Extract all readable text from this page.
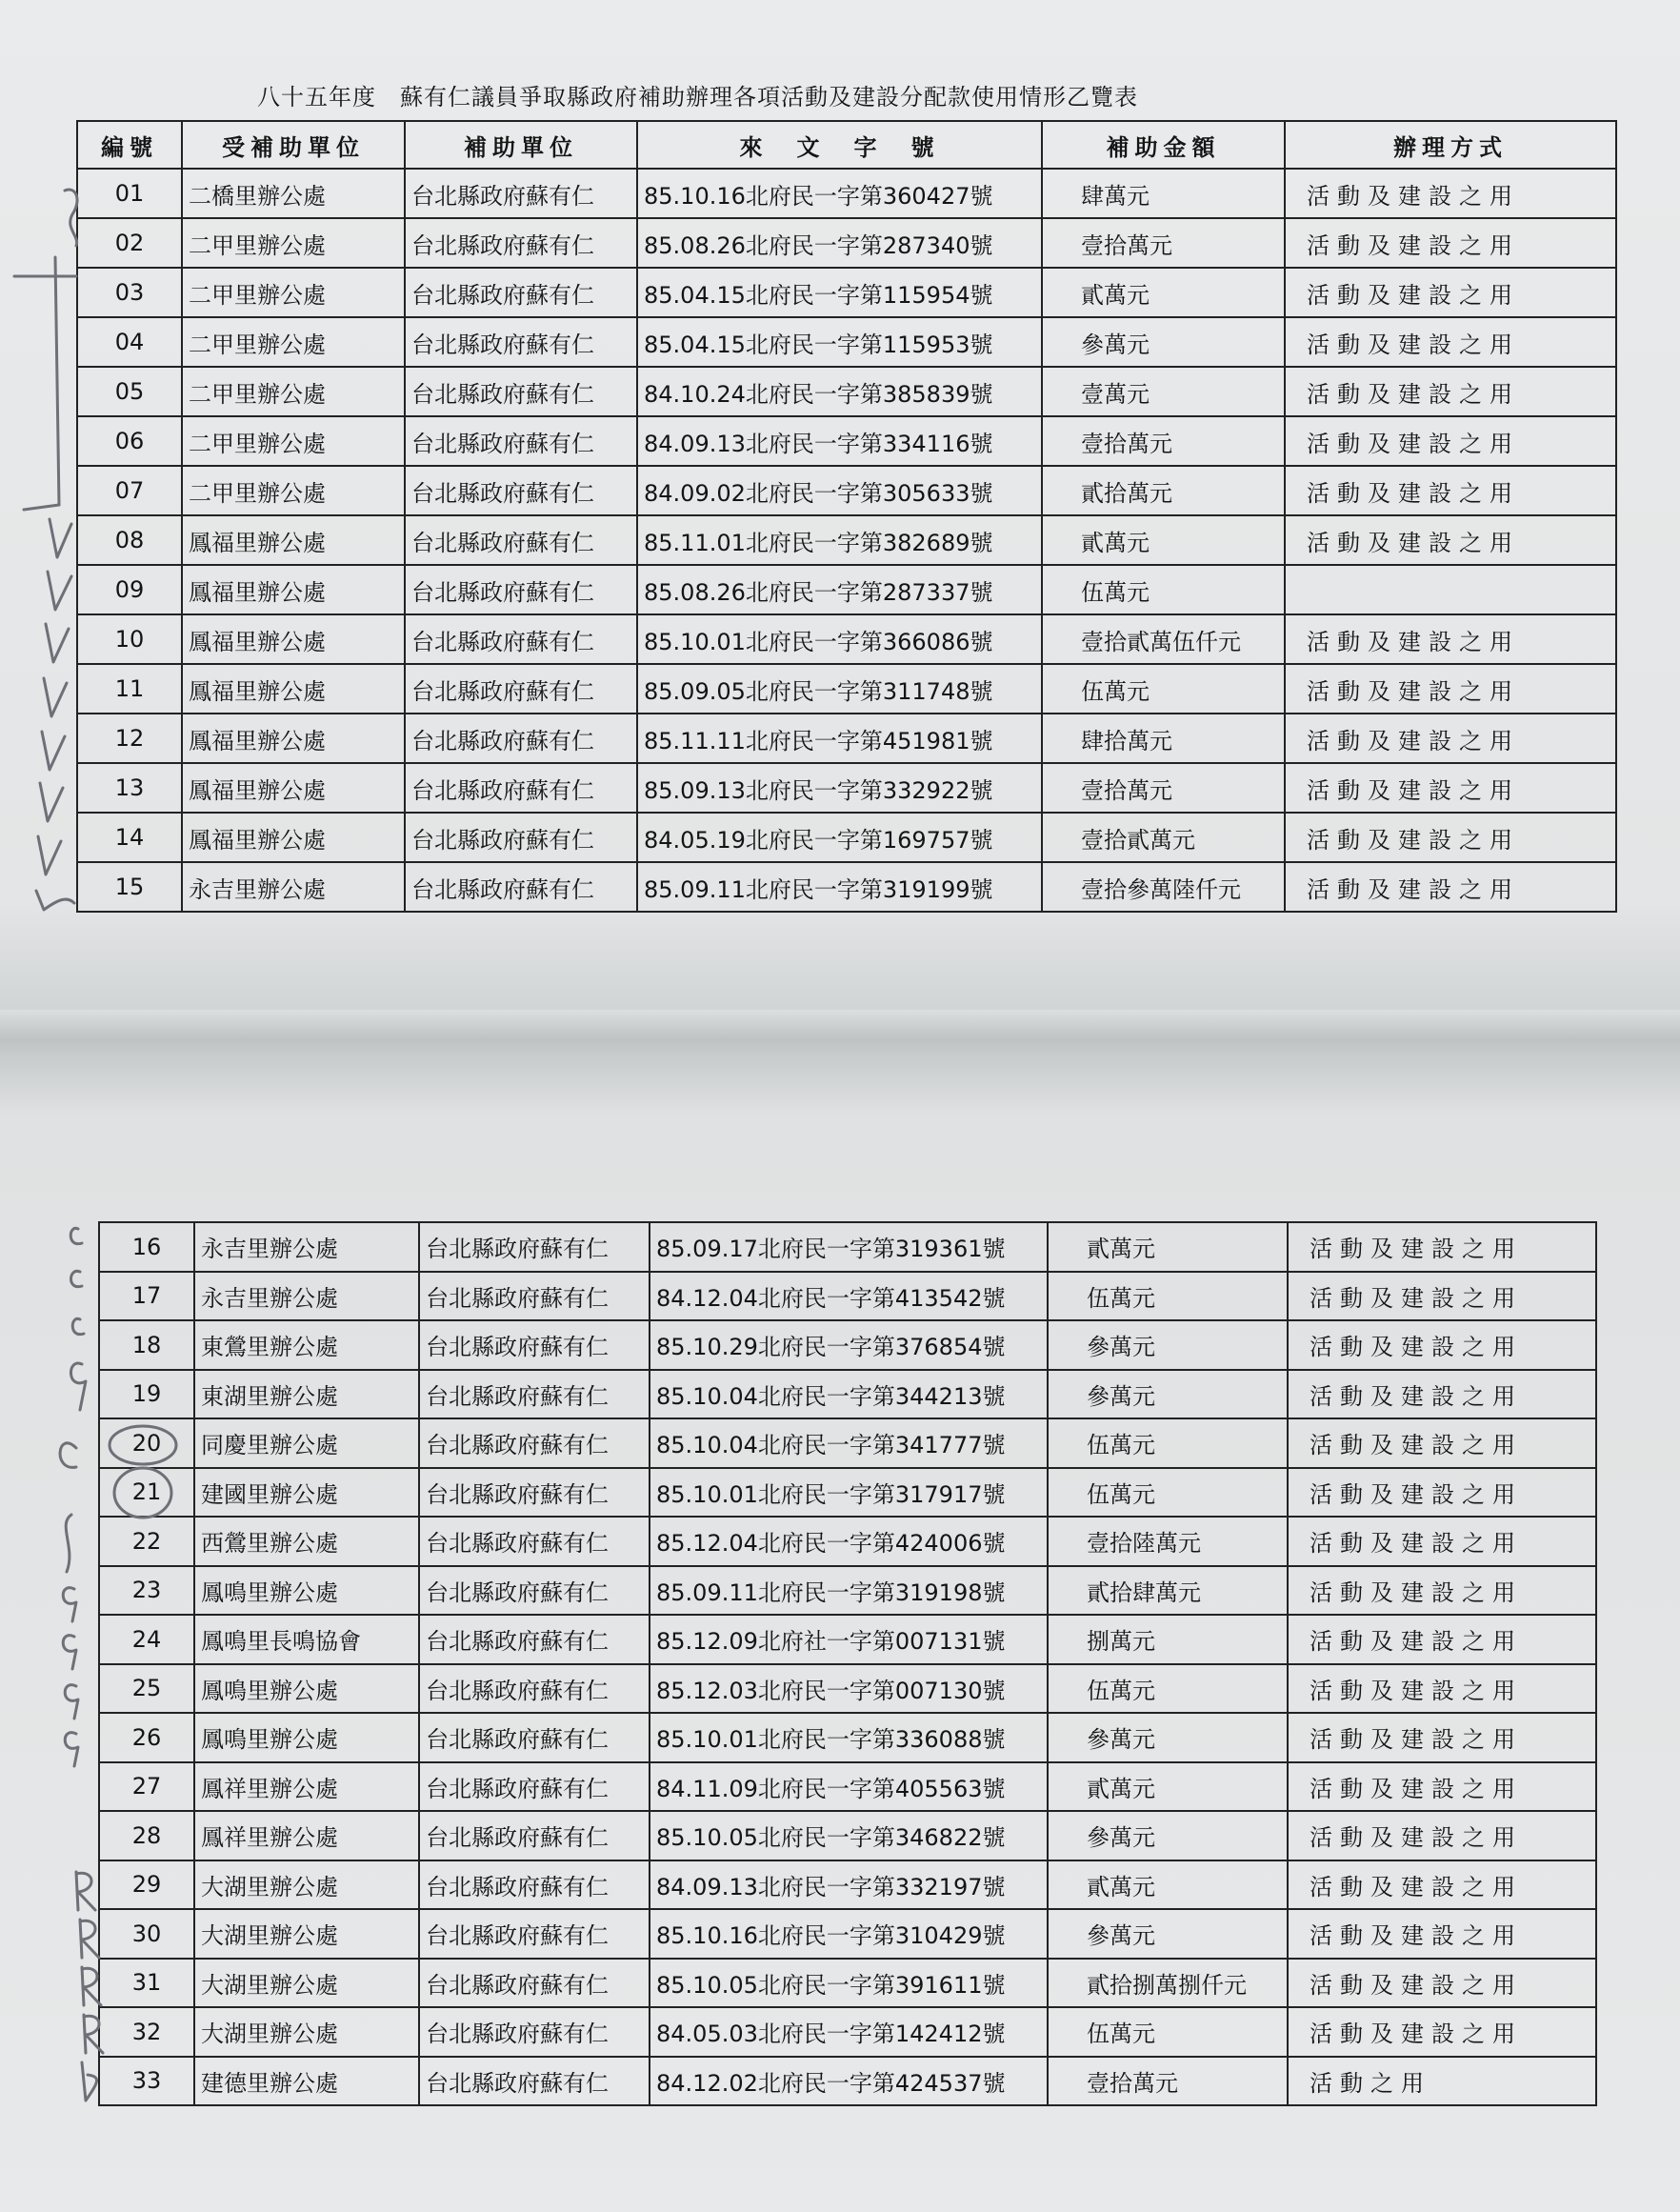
八十五年度　蘇有仁議員爭取縣政府補助辦理各項活動及建設分配款使用情形乙覽表
編號	受補助單位	補助單位	來　文　字　號	補助金額	辦理方式
01	二橋里辦公處	台北縣政府蘇有仁	85.10.16北府民一字第360427號	肆萬元	活動及建設之用
02	二甲里辦公處	台北縣政府蘇有仁	85.08.26北府民一字第287340號	壹拾萬元	活動及建設之用
03	二甲里辦公處	台北縣政府蘇有仁	85.04.15北府民一字第115954號	貳萬元	活動及建設之用
04	二甲里辦公處	台北縣政府蘇有仁	85.04.15北府民一字第115953號	參萬元	活動及建設之用
05	二甲里辦公處	台北縣政府蘇有仁	84.10.24北府民一字第385839號	壹萬元	活動及建設之用
06	二甲里辦公處	台北縣政府蘇有仁	84.09.13北府民一字第334116號	壹拾萬元	活動及建設之用
07	二甲里辦公處	台北縣政府蘇有仁	84.09.02北府民一字第305633號	貳拾萬元	活動及建設之用
08	鳳福里辦公處	台北縣政府蘇有仁	85.11.01北府民一字第382689號	貳萬元	活動及建設之用
09	鳳福里辦公處	台北縣政府蘇有仁	85.08.26北府民一字第287337號	伍萬元	
10	鳳福里辦公處	台北縣政府蘇有仁	85.10.01北府民一字第366086號	壹拾貳萬伍仟元	活動及建設之用
11	鳳福里辦公處	台北縣政府蘇有仁	85.09.05北府民一字第311748號	伍萬元	活動及建設之用
12	鳳福里辦公處	台北縣政府蘇有仁	85.11.11北府民一字第451981號	肆拾萬元	活動及建設之用
13	鳳福里辦公處	台北縣政府蘇有仁	85.09.13北府民一字第332922號	壹拾萬元	活動及建設之用
14	鳳福里辦公處	台北縣政府蘇有仁	84.05.19北府民一字第169757號	壹拾貳萬元	活動及建設之用
15	永吉里辦公處	台北縣政府蘇有仁	85.09.11北府民一字第319199號	壹拾參萬陸仟元	活動及建設之用
16	永吉里辦公處	台北縣政府蘇有仁	85.09.17北府民一字第319361號	貳萬元	活動及建設之用
17	永吉里辦公處	台北縣政府蘇有仁	84.12.04北府民一字第413542號	伍萬元	活動及建設之用
18	東鶯里辦公處	台北縣政府蘇有仁	85.10.29北府民一字第376854號	參萬元	活動及建設之用
19	東湖里辦公處	台北縣政府蘇有仁	85.10.04北府民一字第344213號	參萬元	活動及建設之用
20	同慶里辦公處	台北縣政府蘇有仁	85.10.04北府民一字第341777號	伍萬元	活動及建設之用
21	建國里辦公處	台北縣政府蘇有仁	85.10.01北府民一字第317917號	伍萬元	活動及建設之用
22	西鶯里辦公處	台北縣政府蘇有仁	85.12.04北府民一字第424006號	壹拾陸萬元	活動及建設之用
23	鳳鳴里辦公處	台北縣政府蘇有仁	85.09.11北府民一字第319198號	貳拾肆萬元	活動及建設之用
24	鳳鳴里長鳴協會	台北縣政府蘇有仁	85.12.09北府社一字第007131號	捌萬元	活動及建設之用
25	鳳鳴里辦公處	台北縣政府蘇有仁	85.12.03北府民一字第007130號	伍萬元	活動及建設之用
26	鳳鳴里辦公處	台北縣政府蘇有仁	85.10.01北府民一字第336088號	參萬元	活動及建設之用
27	鳳祥里辦公處	台北縣政府蘇有仁	84.11.09北府民一字第405563號	貳萬元	活動及建設之用
28	鳳祥里辦公處	台北縣政府蘇有仁	85.10.05北府民一字第346822號	參萬元	活動及建設之用
29	大湖里辦公處	台北縣政府蘇有仁	84.09.13北府民一字第332197號	貳萬元	活動及建設之用
30	大湖里辦公處	台北縣政府蘇有仁	85.10.16北府民一字第310429號	參萬元	活動及建設之用
31	大湖里辦公處	台北縣政府蘇有仁	85.10.05北府民一字第391611號	貳拾捌萬捌仟元	活動及建設之用
32	大湖里辦公處	台北縣政府蘇有仁	84.05.03北府民一字第142412號	伍萬元	活動及建設之用
33	建德里辦公處	台北縣政府蘇有仁	84.12.02北府民一字第424537號	壹拾萬元	活動之用
